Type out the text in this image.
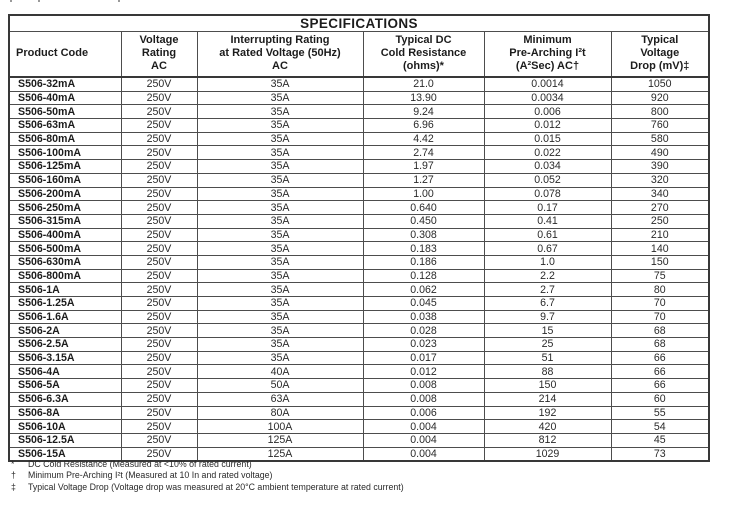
SPECIFICATIONS					

Product Code

Voltage
Rating
AC

Interrupting Rating
at Rated Voltage (50Hz)
AC

Typical DC
Cold Resistance
(ohms)*

Minimum
Pre-Arching I²t
(A²Sec) AC†

Typical
Voltage
Drop (mV)‡

S506-32mA	250V	35A	21.0	0.0014	1050
S506-40mA	250V	35A	13.90	0.0034	920
S506-50mA	250V	35A	9.24	0.006	800
S506-63mA	250V	35A	6.96	0.012	760
S506-80mA	250V	35A	4.42	0.015	580
S506-100mA	250V	35A	2.74	0.022	490
S506-125mA	250V	35A	1.97	0.034	390
S506-160mA	250V	35A	1.27	0.052	320
S506-200mA	250V	35A	1.00	0.078	340
S506-250mA	250V	35A	0.640	0.17	270
S506-315mA	250V	35A	0.450	0.41	250
S506-400mA	250V	35A	0.308	0.61	210
S506-500mA	250V	35A	0.183	0.67	140
S506-630mA	250V	35A	0.186	1.0	150
S506-800mA	250V	35A	0.128	2.2	75
S506-1A	250V	35A	0.062	2.7	80
S506-1.25A	250V	35A	0.045	6.7	70
S506-1.6A	250V	35A	0.038	9.7	70
S506-2A	250V	35A	0.028	15	68
S506-2.5A	250V	35A	0.023	25	68
S506-3.15A	250V	35A	0.017	51	66
S506-4A	250V	40A	0.012	88	66
S506-5A	250V	50A	0.008	150	66
S506-6.3A	250V	63A	0.008	214	60
S506-8A	250V	80A	0.006	192	55
S506-10A	250V	100A	0.004	420	54
S506-12.5A	250V	125A	0.004	812	45
S506-15A	250V	125A	0.004	1029	73
*	DC Cold Resistance (Measured at <10% of rated current)
†	Minimum Pre-Arching I²t (Measured at 10 In and rated voltage)
‡	Typical Voltage Drop (Voltage drop was measured at 20°C ambient temperature at rated current)
